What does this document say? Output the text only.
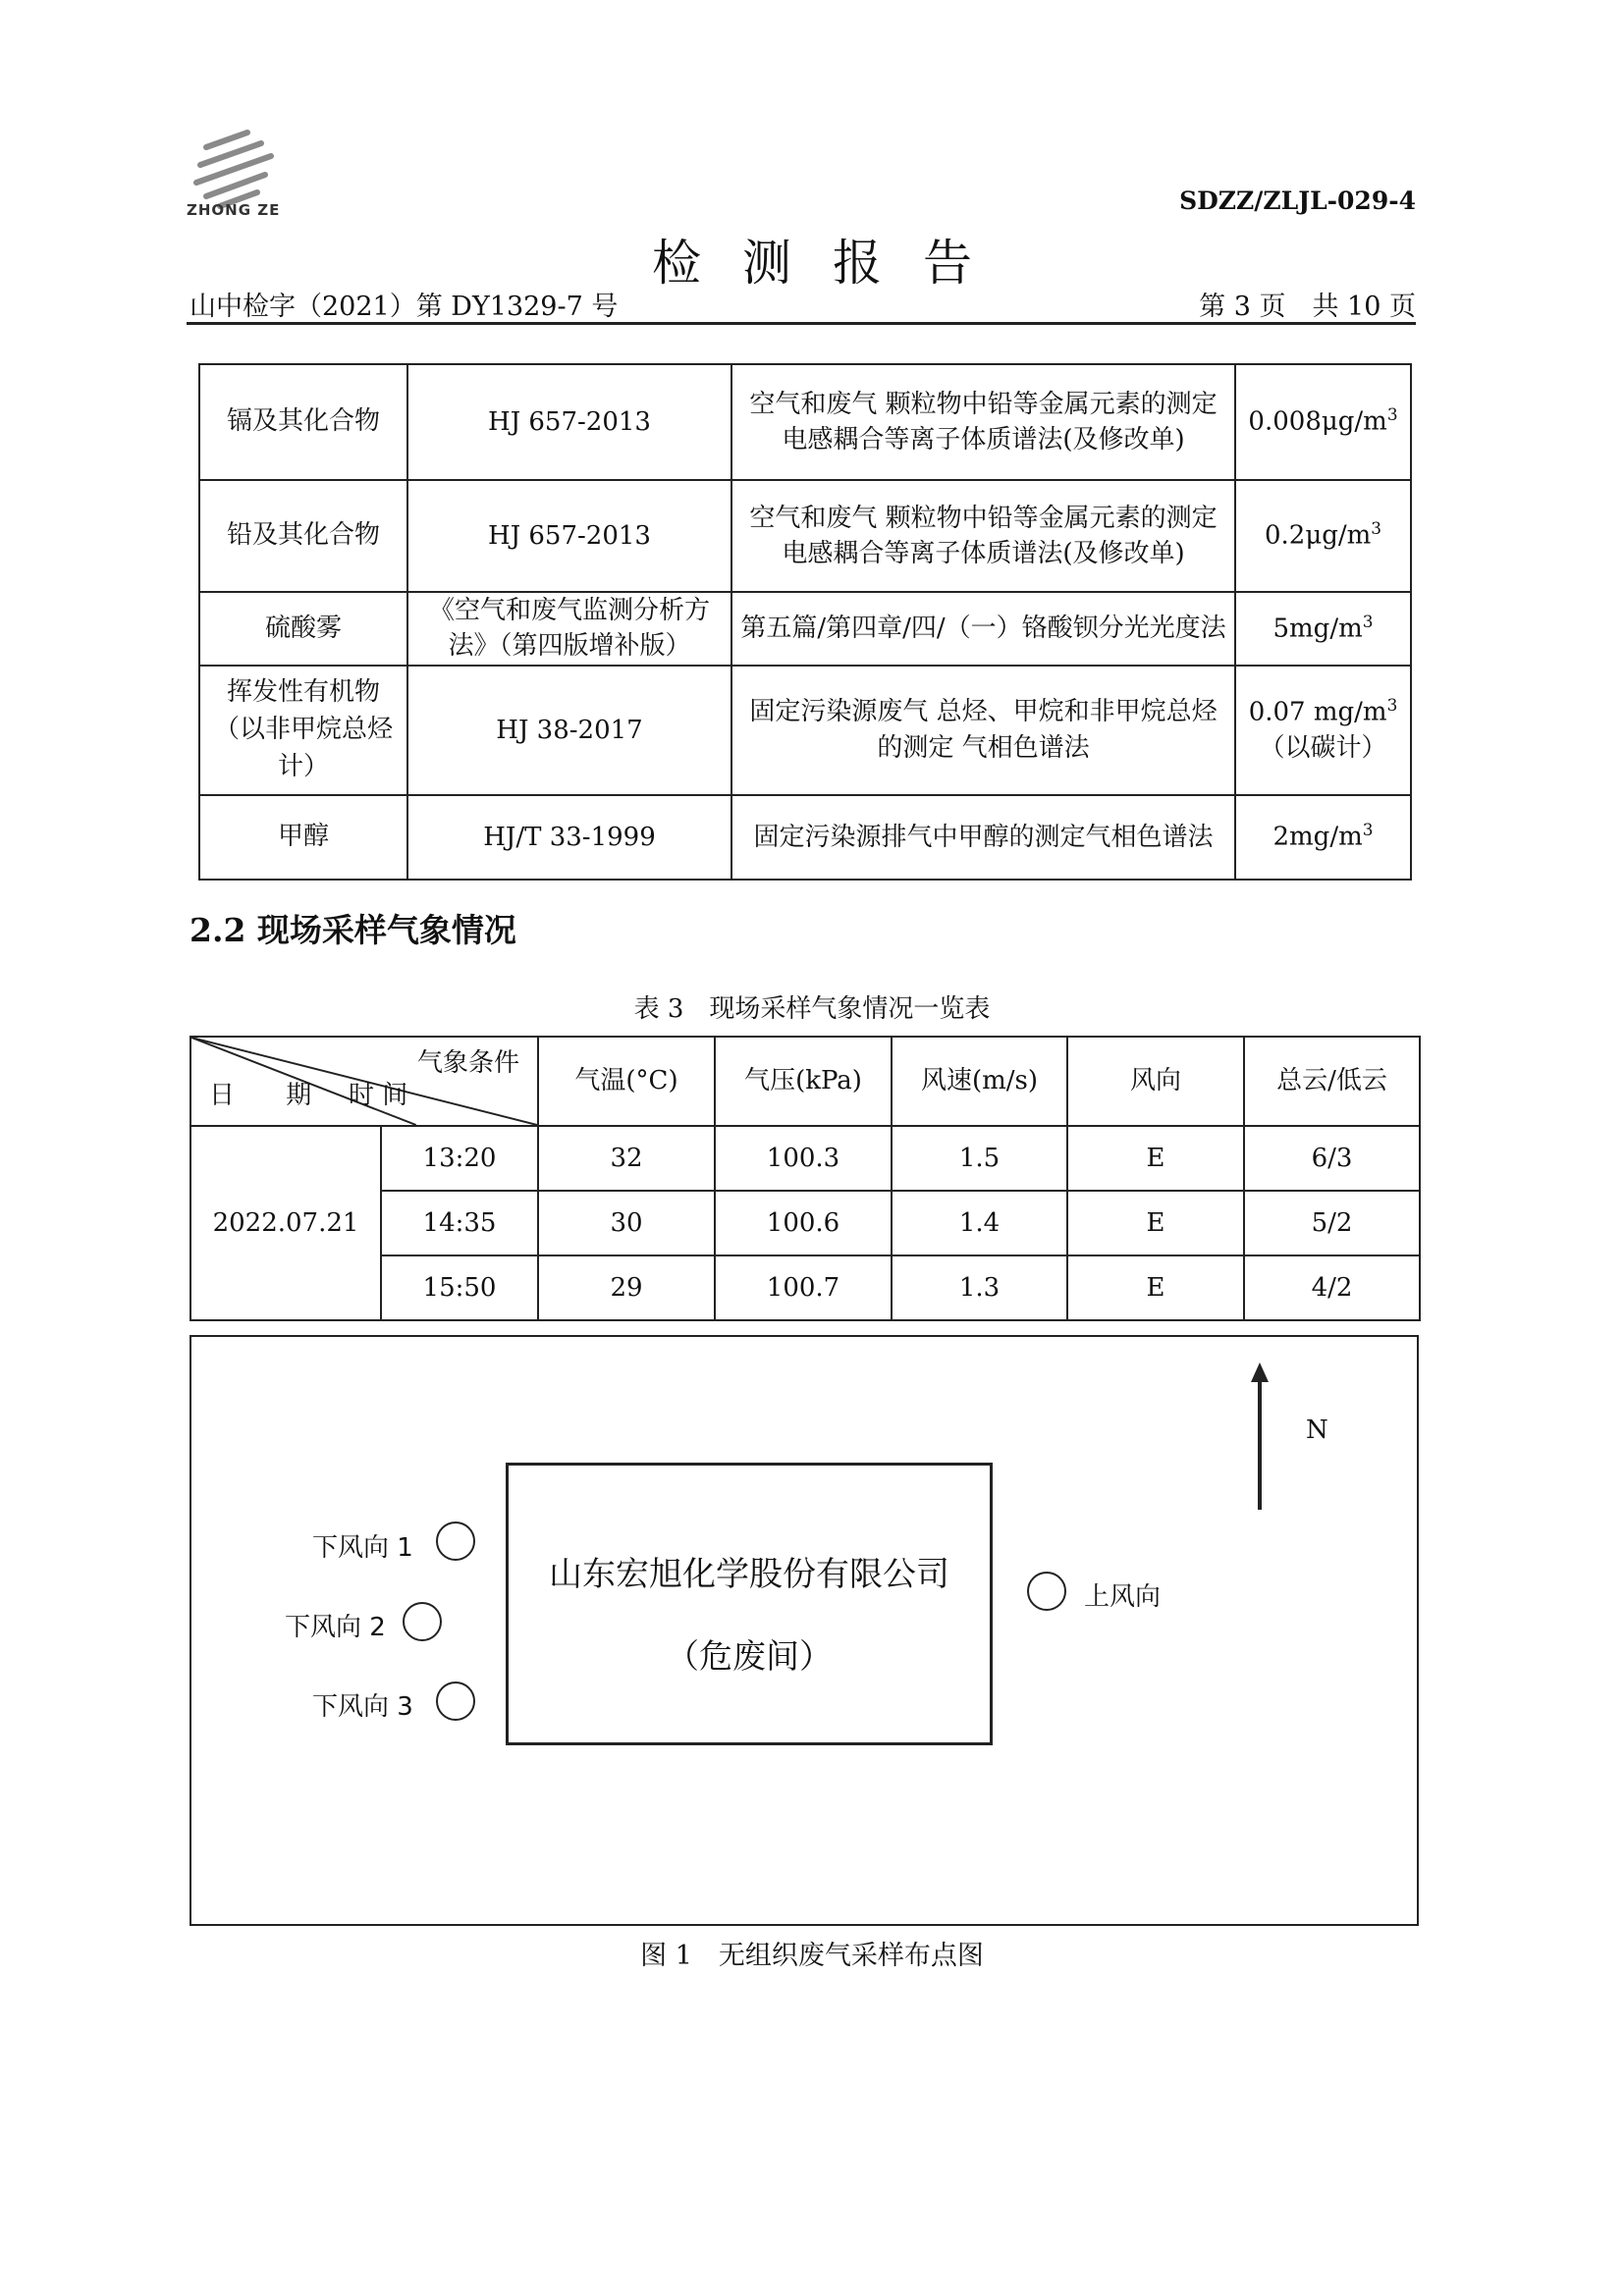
ZHONG ZE	SDZZ/ZLJL-029-4
检测报告
山中检字（2021）第 DY1329-7 号	第 3 页　共 10 页
镉及其化合物	HJ 657-2013	空气和废气 颗粒物中铅等金属元素的测定 电感耦合等离子体质谱法(及修改单)	$0.008\mu g/m^3$
铅及其化合物	HJ 657-2013	空气和废气 颗粒物中铅等金属元素的测定 电感耦合等离子体质谱法(及修改单)	$0.2\mu g/m^3$
硫酸雾	《空气和废气监测分析方法》（第四版增补版）	第五篇/第四章/四/（一）铬酸钡分光光度法	$5mg/m^3$
挥发性有机物（以非甲烷总烃计）	HJ 38-2017	固定污染源废气 总烃、甲烷和非甲烷总烃的测定 气相色谱法	0.07 $mg/m^3$
（以碳计）
甲醇	HJ/T 33-1999	固定污染源排气中甲醇的测定气相色谱法	$2mg/m^3$
2.2 现场采样气象情况
表 3　现场采样气象情况一览表
气象条件
时 间
日 期		气温(°C)	气压(kPa)	风速(m/s)	风向	总云/低云
2022.07.21	13:20	32	100.3	1.5	E	6/3
	14:35	30	100.6	1.4	E	5/2
	15:50	29	100.7	1.3	E	4/2
山东宏旭化学股份有限公司
（危废间）
下风向 1
下风向 2
下风向 3
上风向
N
图 1　无组织废气采样布点图
